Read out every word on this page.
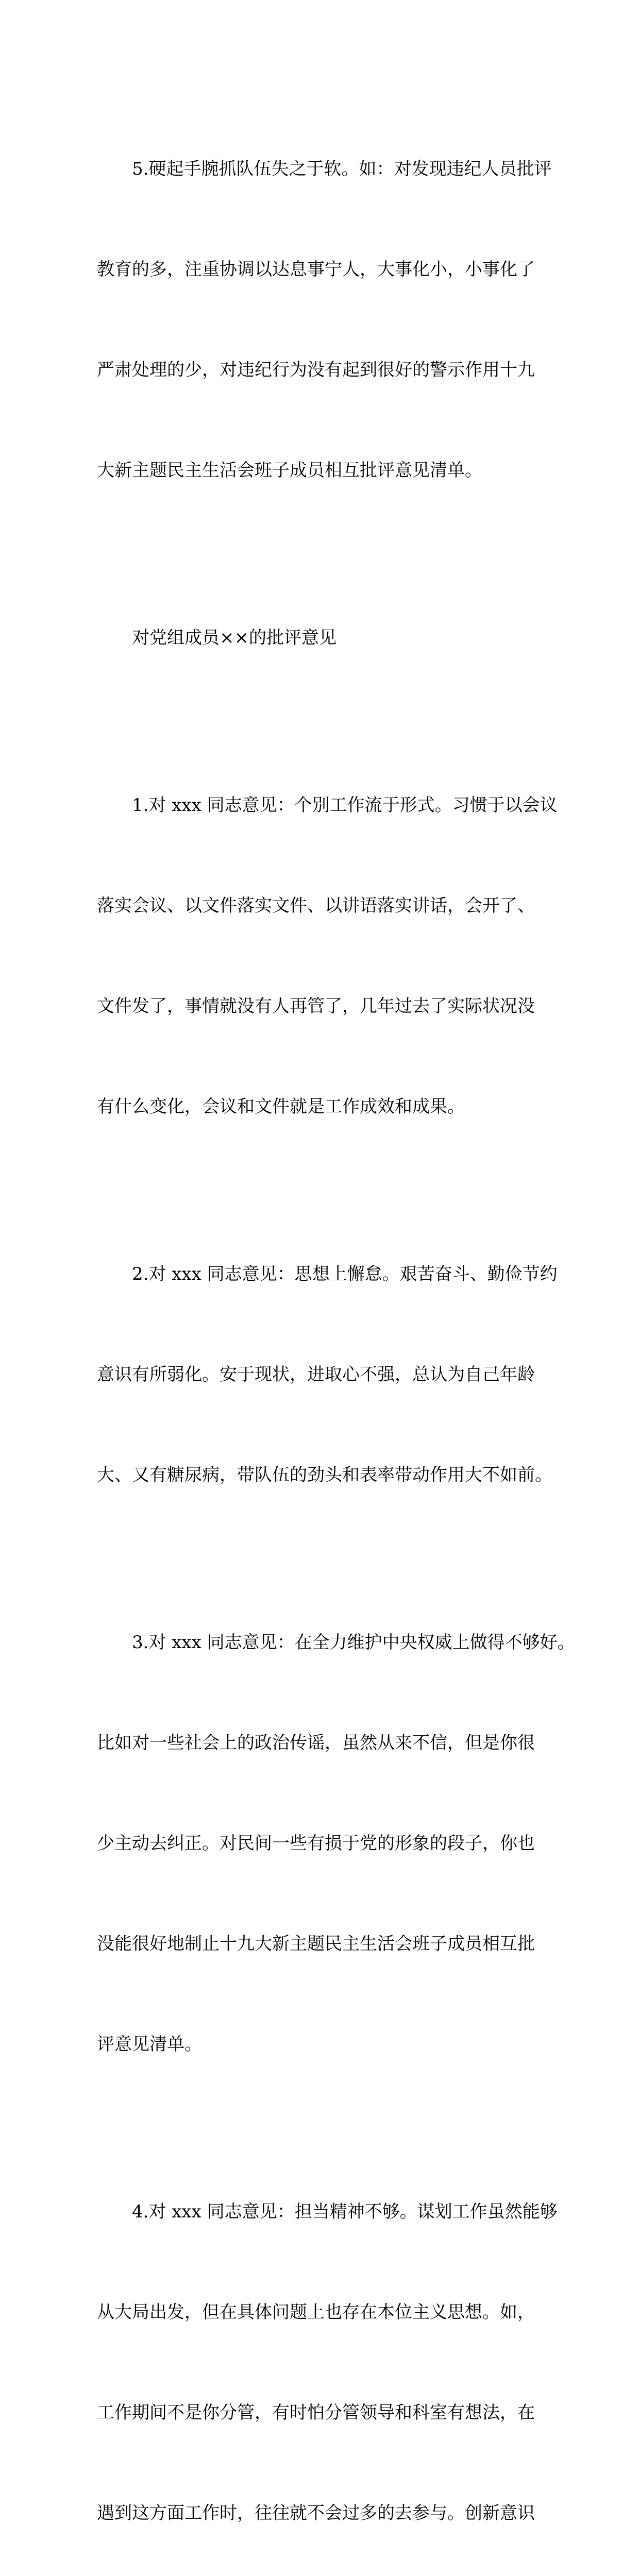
5.硬起手腕抓队伍失之于软。如：对发现违纪人员批评

教育的多，注重协调以达息事宁人，大事化小，小事化了

严肃处理的少，对违纪行为没有起到很好的警示作用十九

大新主题民主生活会班子成员相互批评意见清单。

对党组成员××的批评意见

1.对 xxx 同志意见：个别工作流于形式。习惯于以会议

落实会议、以文件落实文件、以讲语落实讲话，会开了、

文件发了，事情就没有人再管了，几年过去了实际状况没

有什么变化，会议和文件就是工作成效和成果。

2.对 xxx 同志意见：思想上懈怠。艰苦奋斗、勤俭节约

意识有所弱化。安于现状，进取心不强，总认为自己年龄

大、又有糖尿病，带队伍的劲头和表率带动作用大不如前。

3.对 xxx 同志意见：在全力维护中央权威上做得不够好。

比如对一些社会上的政治传谣，虽然从来不信，但是你很

少主动去纠正。对民间一些有损于党的形象的段子，你也

没能很好地制止十九大新主题民主生活会班子成员相互批

评意见清单。

4.对 xxx 同志意见：担当精神不够。谋划工作虽然能够

从大局出发，但在具体问题上也存在本位主义思想。如，

工作期间不是你分管，有时怕分管领导和科室有想法，在

遇到这方面工作时，往往就不会过多的去参与。创新意识
